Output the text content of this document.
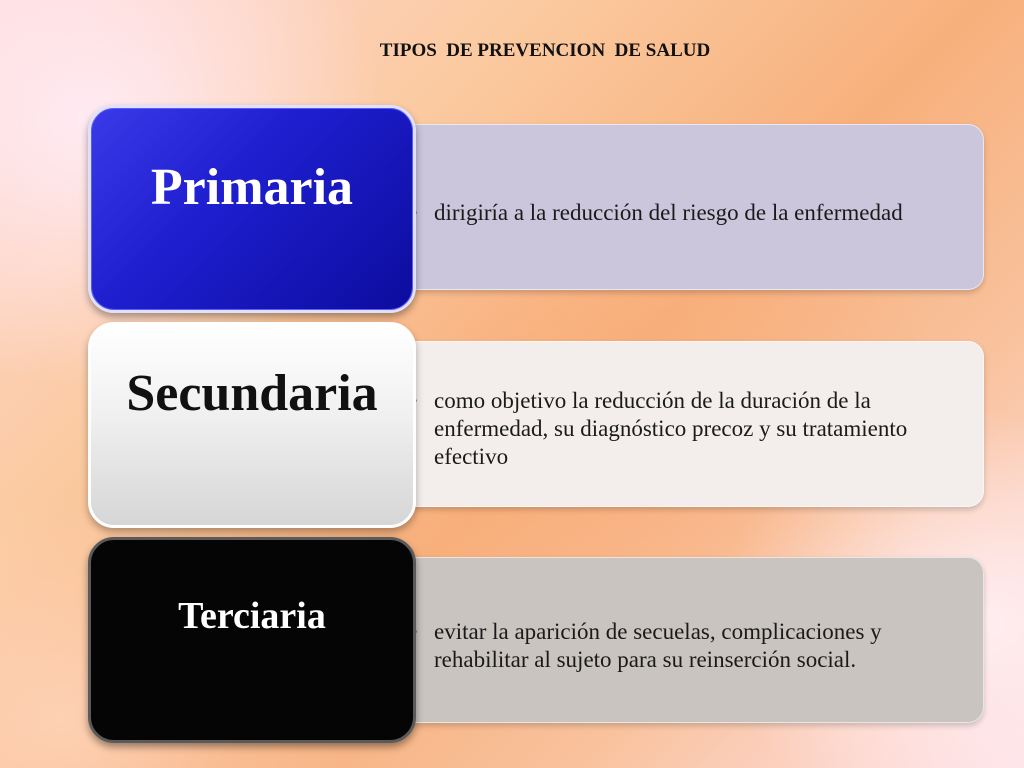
TIPOS  DE PREVENCION  DE SALUD
• dirigiría a la reducción del riesgo de la enfermedad
Primaria
• como objetivo la reducción de la duración de la enfermedad, su diagnóstico precoz y su tratamiento efectivo
Secundaria
• evitar la aparición de secuelas, complicaciones y rehabilitar al sujeto para su reinserción social.
Terciaria
